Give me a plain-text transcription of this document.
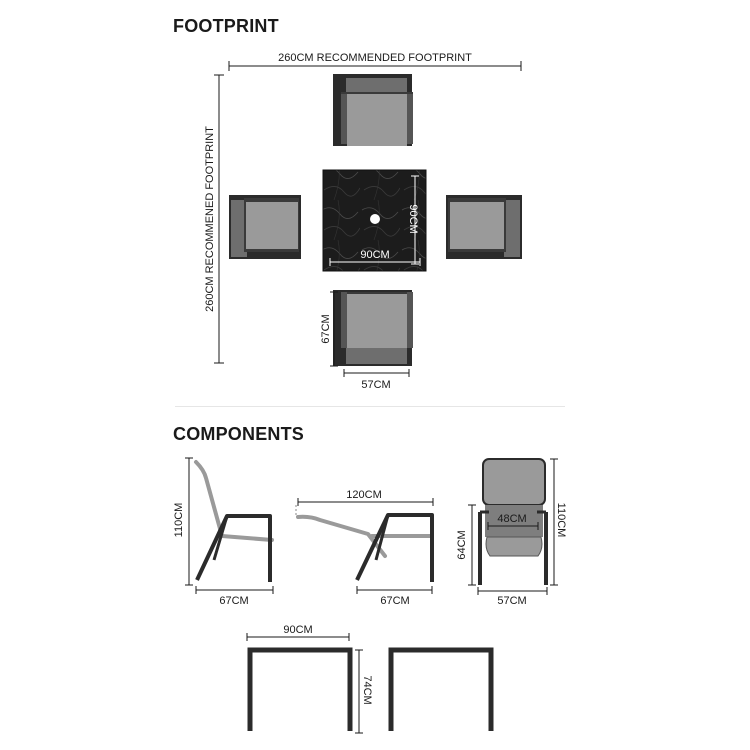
FOOTPRINT
COMPONENTS
260CM RECOMMENDED FOOTPRINT
260CM RECOMMENED FOOTPRINT	90CM
90CM
67CM
57CM
110CM
67CM
120CM
67CM
48CM	110CM
64CM
57CM
90CM
74CM
